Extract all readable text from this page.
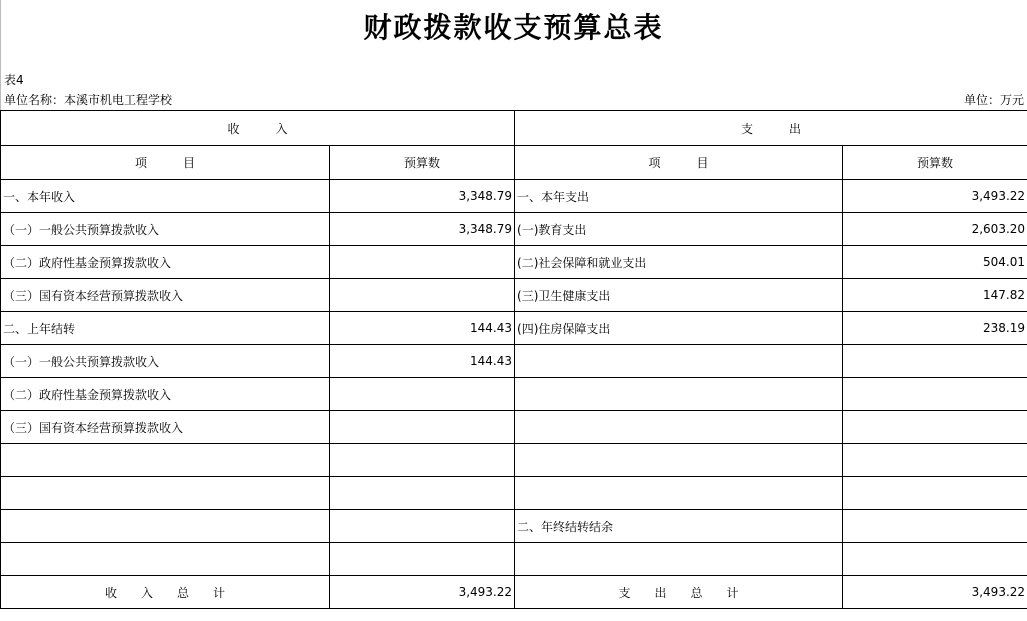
财政拨款收支预算总表
表4
单位名称：本溪市机电工程学校	单位：万元
收　　　入		支　　　出	
项　　　目	预算数	项　　　目	预算数
一、本年收入	3,348.79	一、本年支出	3,493.22
（一）一般公共预算拨款收入	3,348.79	(一)教育支出	2,603.20
（二）政府性基金预算拨款收入		(二)社会保障和就业支出	504.01
（三）国有资本经营预算拨款收入		(三)卫生健康支出	147.82
二、上年结转	144.43	(四)住房保障支出	238.19
（一）一般公共预算拨款收入	144.43		
（二）政府性基金预算拨款收入			
（三）国有资本经营预算拨款收入			

		二、年终结转结余	

收　　入　　总　　计	3,493.22	支　　出　　总　　计	3,493.22
